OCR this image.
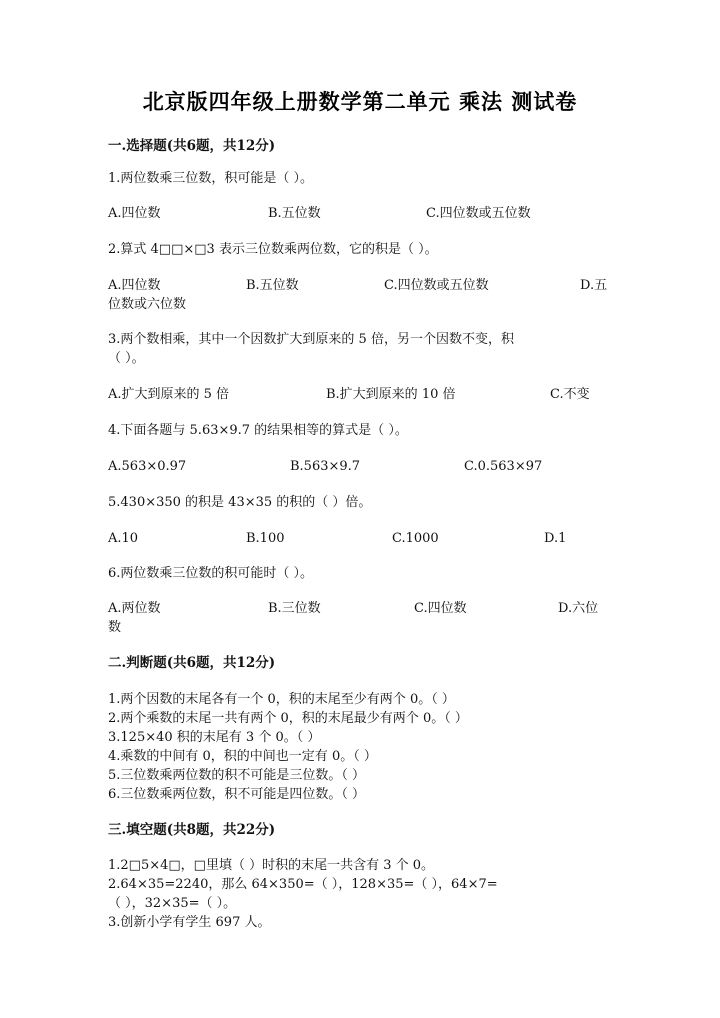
北京版四年级上册数学第二单元 乘法 测试卷
一.选择题(共6题，共12分)
1.两位数乘三位数，积可能是（ ）。
A.四位数	B.五位数	C.四位数或五位数
2.算式 4□□×□3 表示三位数乘两位数，它的积是（ ）。
A.四位数	B.五位数	C.四位数或五位数	D.五
位数或六位数
3.两个数相乘，其中一个因数扩大到原来的 5 倍，另一个因数不变，积
（ ）。
A.扩大到原来的 5 倍	B.扩大到原来的 10 倍	C.不变
4.下面各题与 5.63×9.7 的结果相等的算式是（ ）。
A.563×0.97	B.563×9.7	C.0.563×97
5.430×350 的积是 43×35 的积的（ ）倍。
A.10	B.100	C.1000	D.1
6.两位数乘三位数的积可能时（ ）。
A.两位数	B.三位数	C.四位数	D.六位
数
二.判断题(共6题，共12分)
1.两个因数的末尾各有一个 0，积的末尾至少有两个 0。（ ）
2.两个乘数的末尾一共有两个 0，积的末尾最少有两个 0。（ ）
3.125×40 积的末尾有 3 个 0。（ ）
4.乘数的中间有 0，积的中间也一定有 0。（ ）
5.三位数乘两位数的积不可能是三位数。（ ）
6.三位数乘两位数，积不可能是四位数。（ ）
三.填空题(共8题，共22分)
1.2□5×4□，□里填（ ）时积的末尾一共含有 3 个 0。
2.64×35=2240，那么 64×350=（ ），128×35=（ ），64×7=
（ ），32×35=（ ）。
3.创新小学有学生 697 人。
